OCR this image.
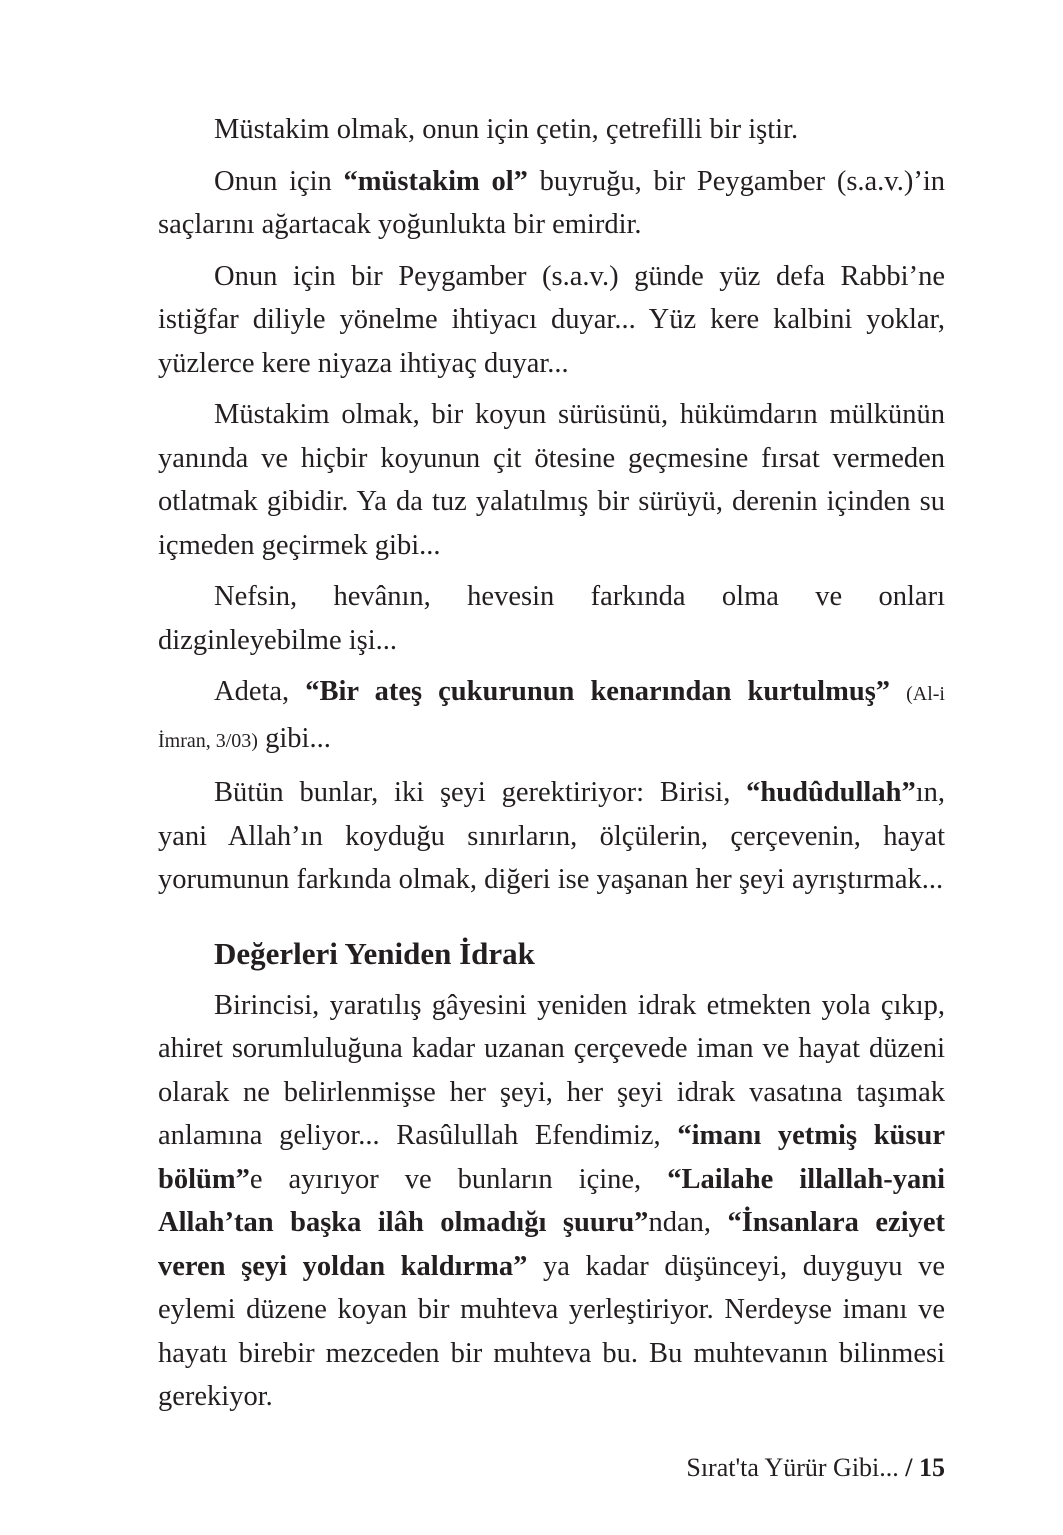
Müstakim olmak, onun için çetin, çetrefilli bir iştir.

Onun için “müstakim ol” buyruğu, bir Peygamber (s.a.v.)’in saçlarını ağartacak yoğunlukta bir emirdir.

Onun için bir Peygamber (s.a.v.) günde yüz defa Rabbi’ne istiğfar diliyle yönelme ihtiyacı duyar... Yüz kere kalbini yoklar, yüzlerce kere niyaza ihtiyaç duyar...

Müstakim olmak, bir koyun sürüsünü, hükümdarın mülkünün yanında ve hiçbir koyunun çit ötesine geçmesine fırsat vermeden otlatmak gibidir. Ya da tuz yalatılmış bir sürüyü, derenin içinden su içmeden geçirmek gibi...

Nefsin, hevânın, hevesin farkında olma ve onları dizginleyebilme işi...

Adeta, “Bir ateş çukurunun kenarından kurtulmuş” (Al-i İmran, 3/03) gibi...

Bütün bunlar, iki şeyi gerektiriyor: Birisi, “hudûdullah”ın, yani Allah’ın koyduğu sınırların, ölçülerin, çerçevenin, hayat yorumunun farkında olmak, diğeri ise yaşanan her şeyi ayrıştırmak...

Değerleri Yeniden İdrak

Birincisi, yaratılış gâyesini yeniden idrak etmekten yola çıkıp, ahiret sorumluluğuna kadar uzanan çerçevede iman ve hayat düzeni olarak ne belirlenmişse her şeyi, her şeyi idrak vasatına taşımak anlamına geliyor... Rasûlullah Efendimiz, “imanı yetmiş küsur bölüm”e ayırıyor ve bunların içine, “Lailahe illallah-yani Allah’tan başka ilâh olmadığı şuuru”ndan, “İnsanlara eziyet veren şeyi yoldan kaldırma” ya kadar düşünceyi, duyguyu ve eylemi düzene koyan bir muhteva yerleştiriyor. Nerdeyse imanı ve hayatı birebir mezceden bir muhteva bu. Bu muhtevanın bilinmesi gerekiyor.

Sırat'ta Yürür Gibi... / 15
